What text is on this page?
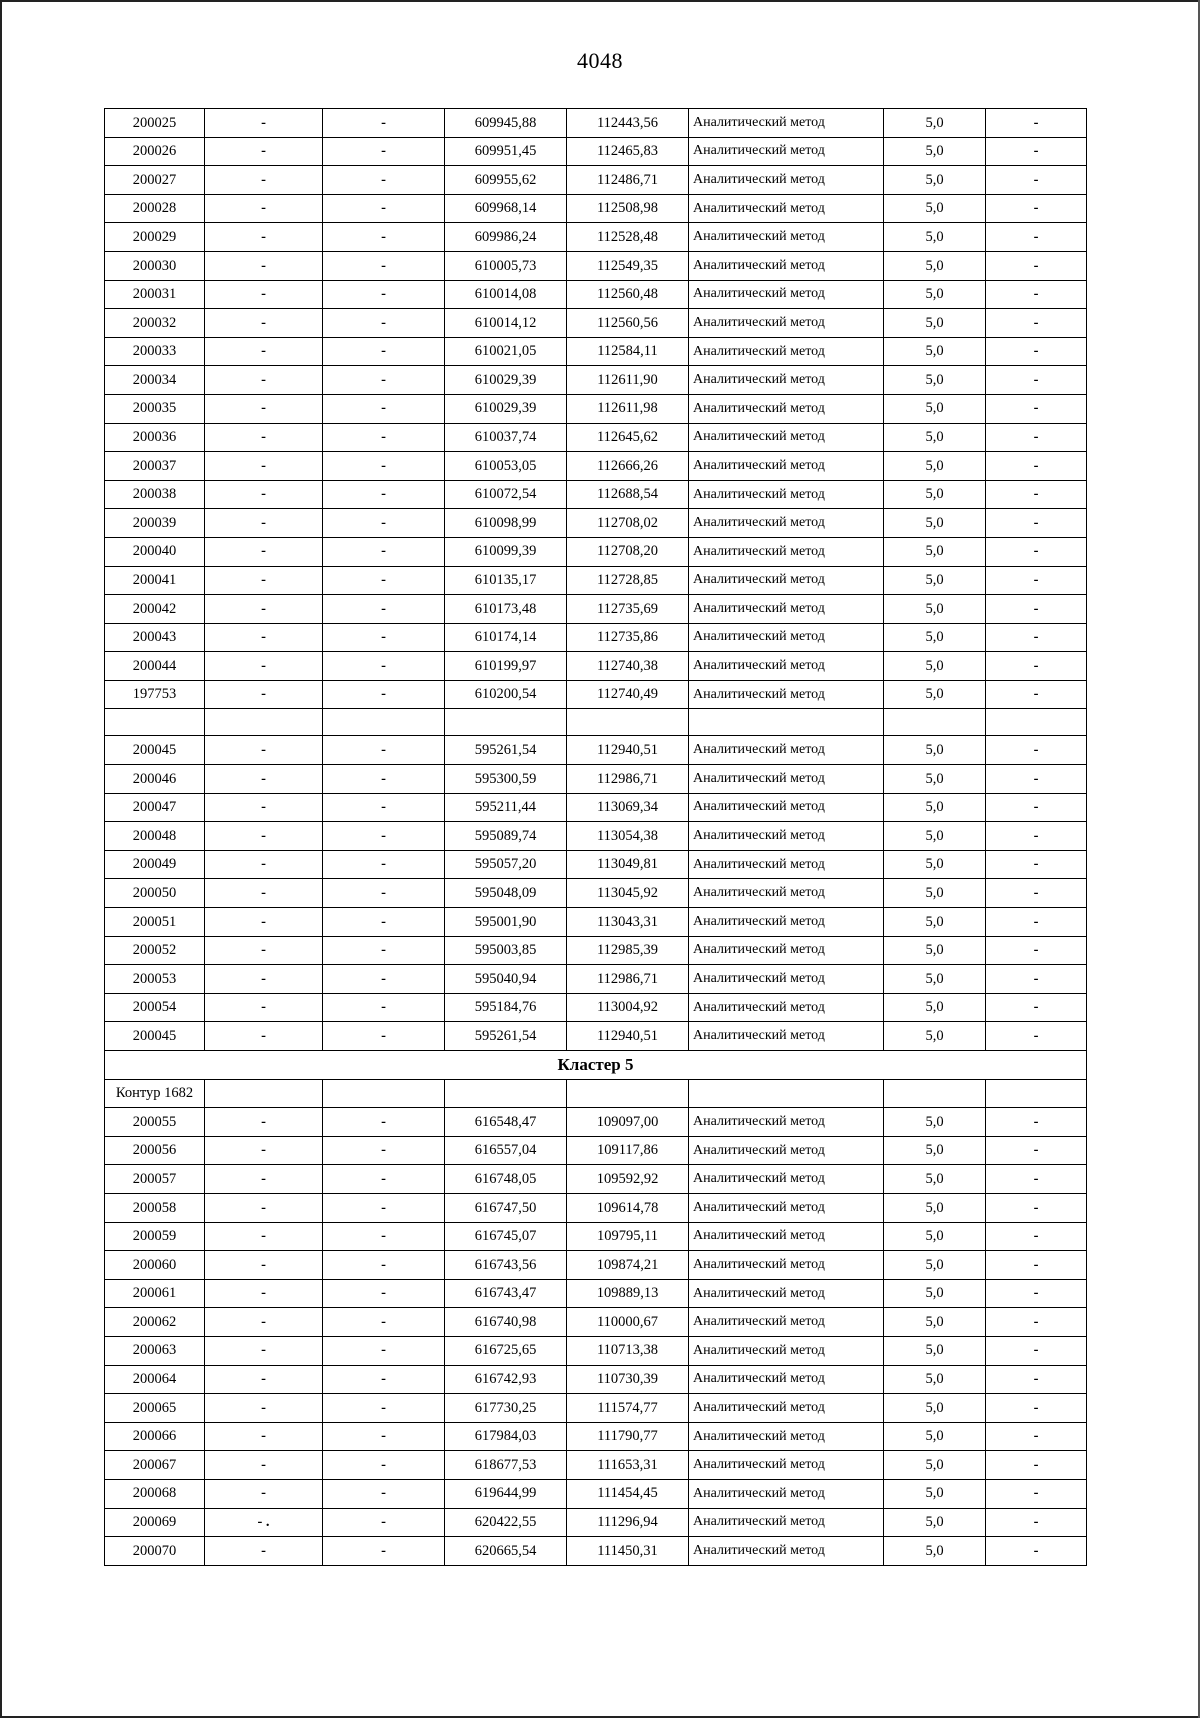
4048
200025	-	-	609945,88	112443,56	Аналитический метод	5,0	-
200026	-	-	609951,45	112465,83	Аналитический метод	5,0	-
200027	-	-	609955,62	112486,71	Аналитический метод	5,0	-
200028	-	-	609968,14	112508,98	Аналитический метод	5,0	-
200029	-	-	609986,24	112528,48	Аналитический метод	5,0	-
200030	-	-	610005,73	112549,35	Аналитический метод	5,0	-
200031	-	-	610014,08	112560,48	Аналитический метод	5,0	-
200032	-	-	610014,12	112560,56	Аналитический метод	5,0	-
200033	-	-	610021,05	112584,11	Аналитический метод	5,0	-
200034	-	-	610029,39	112611,90	Аналитический метод	5,0	-
200035	-	-	610029,39	112611,98	Аналитический метод	5,0	-
200036	-	-	610037,74	112645,62	Аналитический метод	5,0	-
200037	-	-	610053,05	112666,26	Аналитический метод	5,0	-
200038	-	-	610072,54	112688,54	Аналитический метод	5,0	-
200039	-	-	610098,99	112708,02	Аналитический метод	5,0	-
200040	-	-	610099,39	112708,20	Аналитический метод	5,0	-
200041	-	-	610135,17	112728,85	Аналитический метод	5,0	-
200042	-	-	610173,48	112735,69	Аналитический метод	5,0	-
200043	-	-	610174,14	112735,86	Аналитический метод	5,0	-
200044	-	-	610199,97	112740,38	Аналитический метод	5,0	-
197753	-	-	610200,54	112740,49	Аналитический метод	5,0	-

200045	-	-	595261,54	112940,51	Аналитический метод	5,0	-
200046	-	-	595300,59	112986,71	Аналитический метод	5,0	-
200047	-	-	595211,44	113069,34	Аналитический метод	5,0	-
200048	-	-	595089,74	113054,38	Аналитический метод	5,0	-
200049	-	-	595057,20	113049,81	Аналитический метод	5,0	-
200050	-	-	595048,09	113045,92	Аналитический метод	5,0	-
200051	-	-	595001,90	113043,31	Аналитический метод	5,0	-
200052	-	-	595003,85	112985,39	Аналитический метод	5,0	-
200053	-	-	595040,94	112986,71	Аналитический метод	5,0	-
200054	-	-	595184,76	113004,92	Аналитический метод	5,0	-
200045	-	-	595261,54	112940,51	Аналитический метод	5,0	-
Кластер 5							
Контур 1682							
200055	-	-	616548,47	109097,00	Аналитический метод	5,0	-
200056	-	-	616557,04	109117,86	Аналитический метод	5,0	-
200057	-	-	616748,05	109592,92	Аналитический метод	5,0	-
200058	-	-	616747,50	109614,78	Аналитический метод	5,0	-
200059	-	-	616745,07	109795,11	Аналитический метод	5,0	-
200060	-	-	616743,56	109874,21	Аналитический метод	5,0	-
200061	-	-	616743,47	109889,13	Аналитический метод	5,0	-
200062	-	-	616740,98	110000,67	Аналитический метод	5,0	-
200063	-	-	616725,65	110713,38	Аналитический метод	5,0	-
200064	-	-	616742,93	110730,39	Аналитический метод	5,0	-
200065	-	-	617730,25	111574,77	Аналитический метод	5,0	-
200066	-	-	617984,03	111790,77	Аналитический метод	5,0	-
200067	-	-	618677,53	111653,31	Аналитический метод	5,0	-
200068	-	-	619644,99	111454,45	Аналитический метод	5,0	-
200069	- .	-	620422,55	111296,94	Аналитический метод	5,0	-
200070	-	-	620665,54	111450,31	Аналитический метод	5,0	-
